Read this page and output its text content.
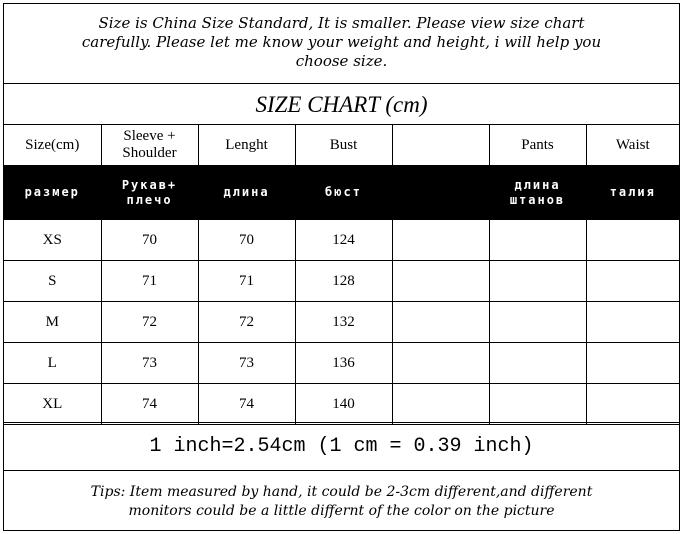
Size is China Size Standard, It is smaller. Please view size chart
carefully. Please let me know your weight and height, i will help you
choose size.
SIZE CHART (cm)
Size(cm)	Sleeve + Shoulder	Lenght	Bust		Pants	Waist
размер	Рукав+ плечо	длина	бюст		длина штанов	талия
XS	70	70	124			
S	71	71	128			
M	72	72	132			
L	73	73	136			
XL	74	74	140			
1 inch=2.54cm (1 cm = 0.39 inch)
Tips: Item measured by hand, it could be 2-3cm different,and different
monitors could be a little differnt of the color on the picture
